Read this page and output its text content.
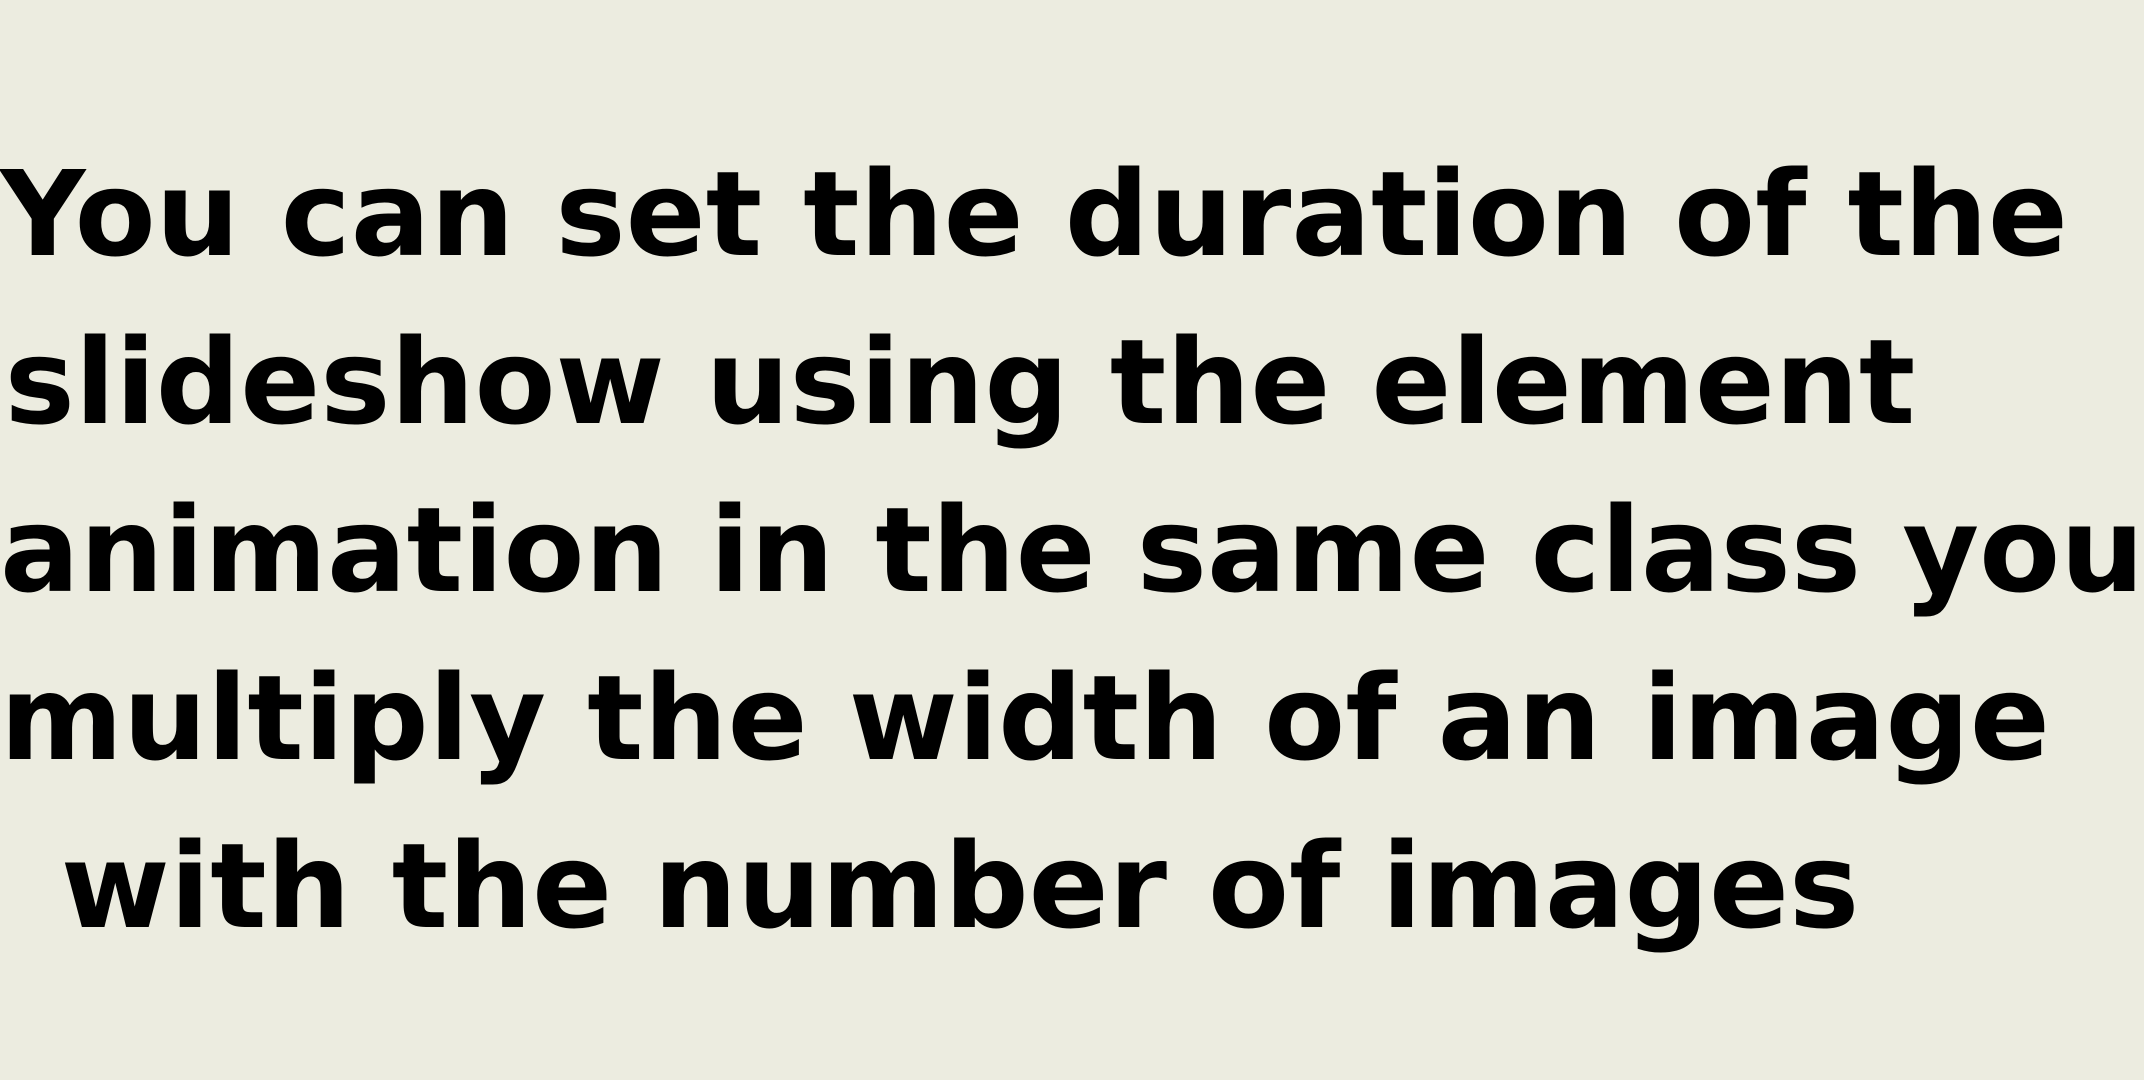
You can set the duration of the
slideshow using the element
animation in the same class you
multiply the width of an image
with the number of images
